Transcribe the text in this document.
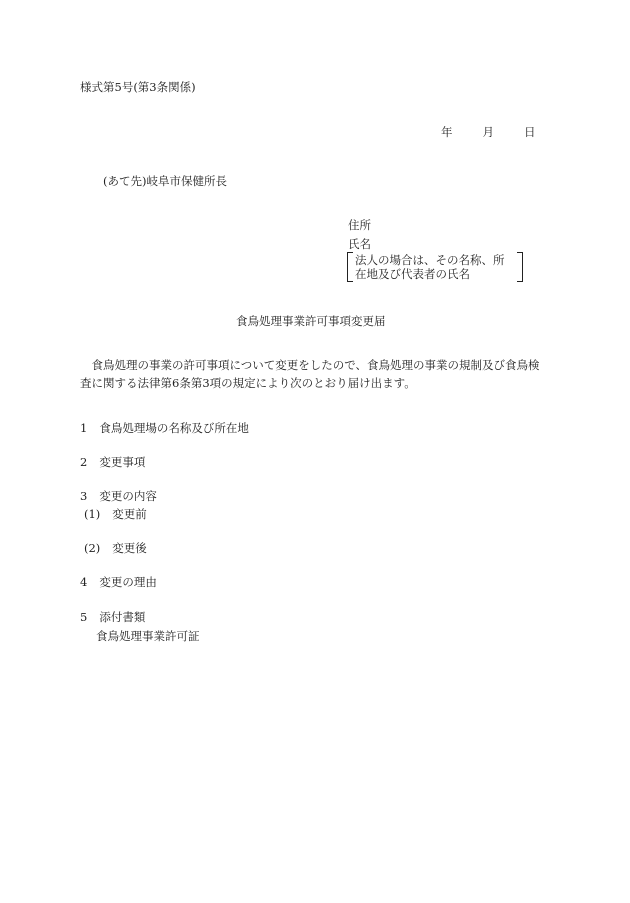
様式第5号(第3条関係)
年	月	日
(あて先)岐阜市保健所長
住所
氏名
法人の場合は、その名称、所
在地及び代表者の氏名
食鳥処理事業許可事項変更届
　食鳥処理の事業の許可事項について変更をしたので、食鳥処理の事業の規制及び食鳥検
査に関する法律第6条第3項の規定により次のとおり届け出ます。
1 食鳥処理場の名称及び所在地
2 変更事項
3 変更の内容
(1) 変更前
(2) 変更後
4 変更の理由
5 添付書類
食鳥処理事業許可証
